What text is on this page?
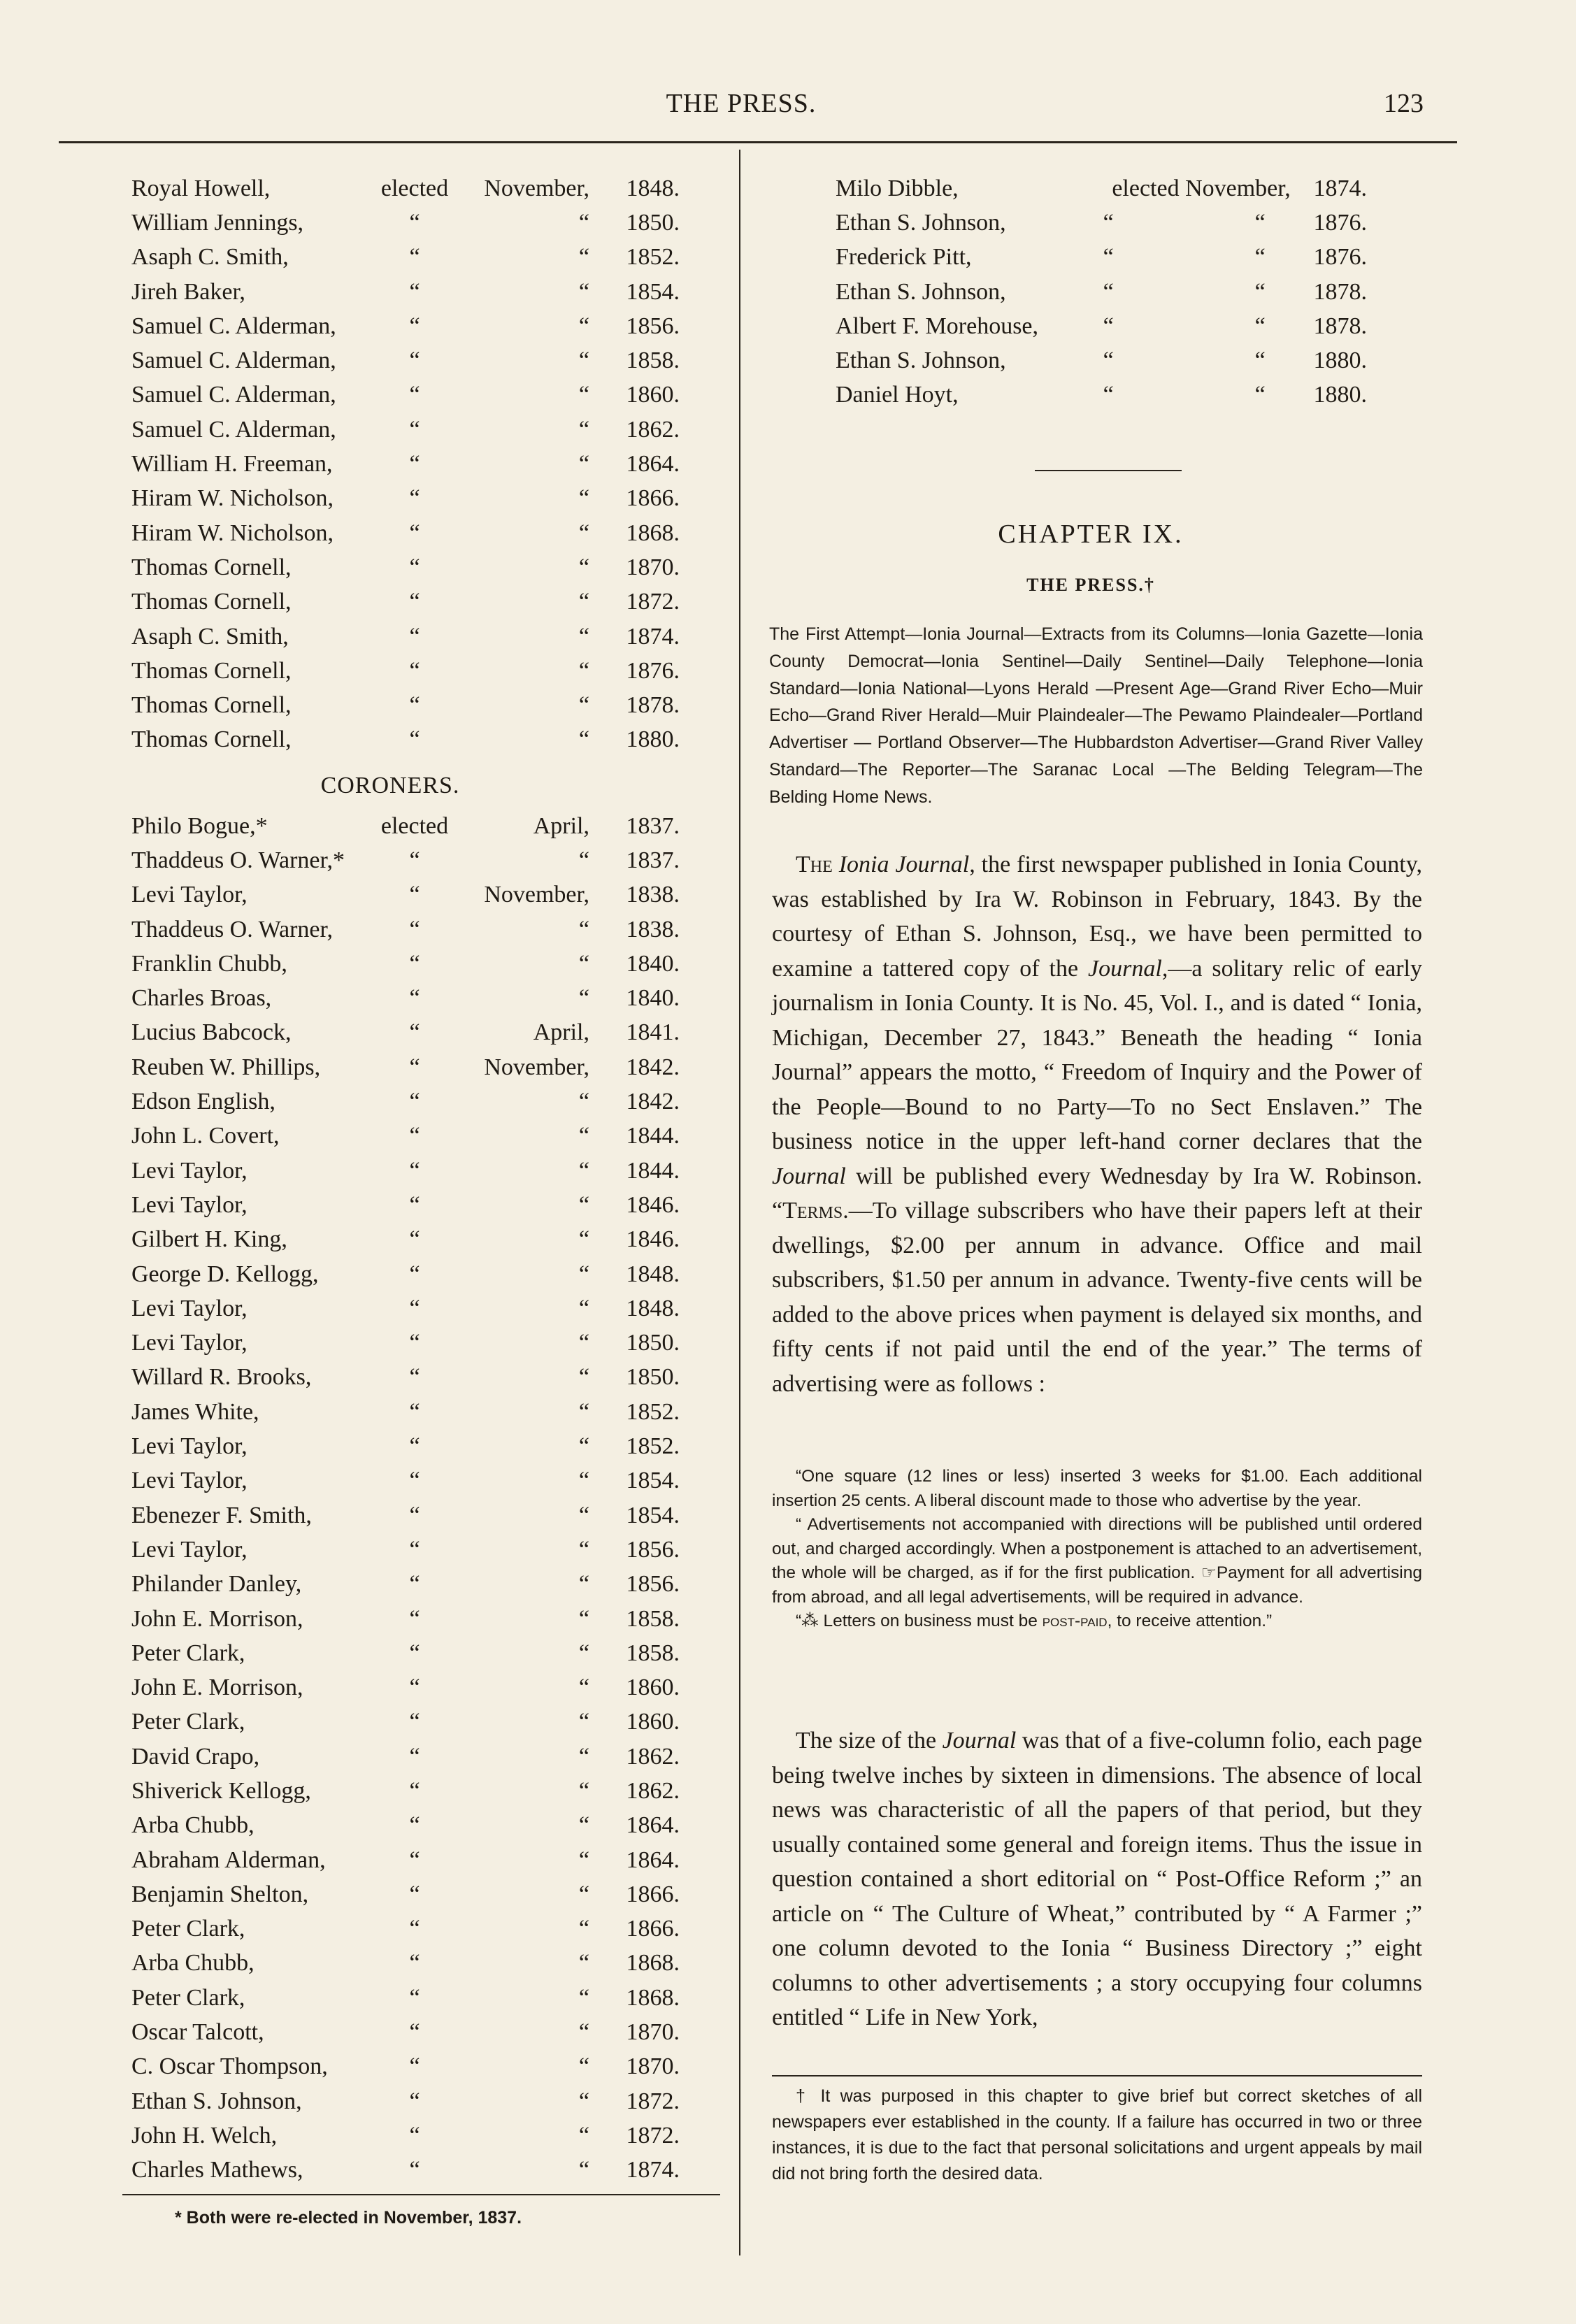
THE PRESS.	123
Royal Howell,	elected	November,	1848.
William Jennings,	“	“	1850.
Asaph C. Smith,	“	“	1852.
Jireh Baker,	“	“	1854.
Samuel C. Alderman,	“	“	1856.
Samuel C. Alderman,	“	“	1858.
Samuel C. Alderman,	“	“	1860.
Samuel C. Alderman,	“	“	1862.
William H. Freeman,	“	“	1864.
Hiram W. Nicholson,	“	“	1866.
Hiram W. Nicholson,	“	“	1868.
Thomas Cornell,	“	“	1870.
Thomas Cornell,	“	“	1872.
Asaph C. Smith,	“	“	1874.
Thomas Cornell,	“	“	1876.
Thomas Cornell,	“	“	1878.
Thomas Cornell,	“	“	1880.
CORONERS.
Philo Bogue,*	elected	April,	1837.
Thaddeus O. Warner,*	“	“	1837.
Levi Taylor,	“	November,	1838.
Thaddeus O. Warner,	“	“	1838.
Franklin Chubb,	“	“	1840.
Charles Broas,	“	“	1840.
Lucius Babcock,	“	April,	1841.
Reuben W. Phillips,	“	November,	1842.
Edson English,	“	“	1842.
John L. Covert,	“	“	1844.
Levi Taylor,	“	“	1844.
Levi Taylor,	“	“	1846.
Gilbert H. King,	“	“	1846.
George D. Kellogg,	“	“	1848.
Levi Taylor,	“	“	1848.
Levi Taylor,	“	“	1850.
Willard R. Brooks,	“	“	1850.
James White,	“	“	1852.
Levi Taylor,	“	“	1852.
Levi Taylor,	“	“	1854.
Ebenezer F. Smith,	“	“	1854.
Levi Taylor,	“	“	1856.
Philander Danley,	“	“	1856.
John E. Morrison,	“	“	1858.
Peter Clark,	“	“	1858.
John E. Morrison,	“	“	1860.
Peter Clark,	“	“	1860.
David Crapo,	“	“	1862.
Shiverick Kellogg,	“	“	1862.
Arba Chubb,	“	“	1864.
Abraham Alderman,	“	“	1864.
Benjamin Shelton,	“	“	1866.
Peter Clark,	“	“	1866.
Arba Chubb,	“	“	1868.
Peter Clark,	“	“	1868.
Oscar Talcott,	“	“	1870.
C. Oscar Thompson,	“	“	1870.
Ethan S. Johnson,	“	“	1872.
John H. Welch,	“	“	1872.
Charles Mathews,	“	“	1874.
* Both were re-elected in November, 1837.
Milo Dibble,	elected November, 1874.
Ethan S. Johnson,	“	“	1876.
Frederick Pitt,	“	“	1876.
Ethan S. Johnson,	“	“	1878.
Albert F. Morehouse,	“	“	1878.
Ethan S. Johnson,	“	“	1880.
Daniel Hoyt,	“	“	1880.
CHAPTER IX.
THE PRESS.†
The First Attempt—Ionia Journal—Extracts from its Columns—Ionia Gazette—Ionia County Democrat—Ionia Sentinel—Daily Sentinel—Daily Telephone—Ionia Standard—Ionia National—Lyons Herald —Present Age—Grand River Echo—Muir Echo—Grand River Herald—Muir Plaindealer—The Pewamo Plaindealer—Portland Advertiser — Portland Observer—The Hubbardston Advertiser—Grand River Valley Standard—The Reporter—The Saranac Local —The Belding Telegram—The Belding Home News.

The Ionia Journal, the first newspaper published in Ionia County, was established by Ira W. Robinson in February, 1843. By the courtesy of Ethan S. Johnson, Esq., we have been permitted to examine a tattered copy of the Journal,—a solitary relic of early journalism in Ionia County. It is No. 45, Vol. I., and is dated “ Ionia, Michigan, December 27, 1843.” Beneath the heading “ Ionia Journal” appears the motto, “ Freedom of Inquiry and the Power of the People—Bound to no Party—To no Sect Enslaven.” The business notice in the upper left-hand corner declares that the Journal will be published every Wednesday by Ira W. Robinson. “Terms.—To village subscribers who have their papers left at their dwellings, $2.00 per annum in advance. Office and mail subscribers, $1.50 per annum in advance. Twenty-five cents will be added to the above prices when payment is delayed six months, and fifty cents if not paid until the end of the year.” The terms of advertising were as follows :

“One square (12 lines or less) inserted 3 weeks for $1.00. Each additional insertion 25 cents. A liberal discount made to those who advertise by the year.

“ Advertisements not accompanied with directions will be published until ordered out, and charged accordingly. When a postponement is attached to an advertisement, the whole will be charged, as if for the first publication. ☞Payment for all advertising from abroad, and all legal advertisements, will be required in advance.

“⁂ Letters on business must be post-paid, to receive attention.”

The size of the Journal was that of a five-column folio, each page being twelve inches by sixteen in dimensions. The absence of local news was characteristic of all the papers of that period, but they usually contained some general and foreign items. Thus the issue in question contained a short editorial on “ Post-Office Reform ;” an article on “ The Culture of Wheat,” contributed by “ A Farmer ;” one column devoted to the Ionia “ Business Directory ;” eight columns to other advertisements ; a story occupying four columns entitled “ Life in New York,

† It was purposed in this chapter to give brief but correct sketches of all newspapers ever established in the county. If a failure has occurred in two or three instances, it is due to the fact that personal solicitations and urgent appeals by mail did not bring forth the desired data.
